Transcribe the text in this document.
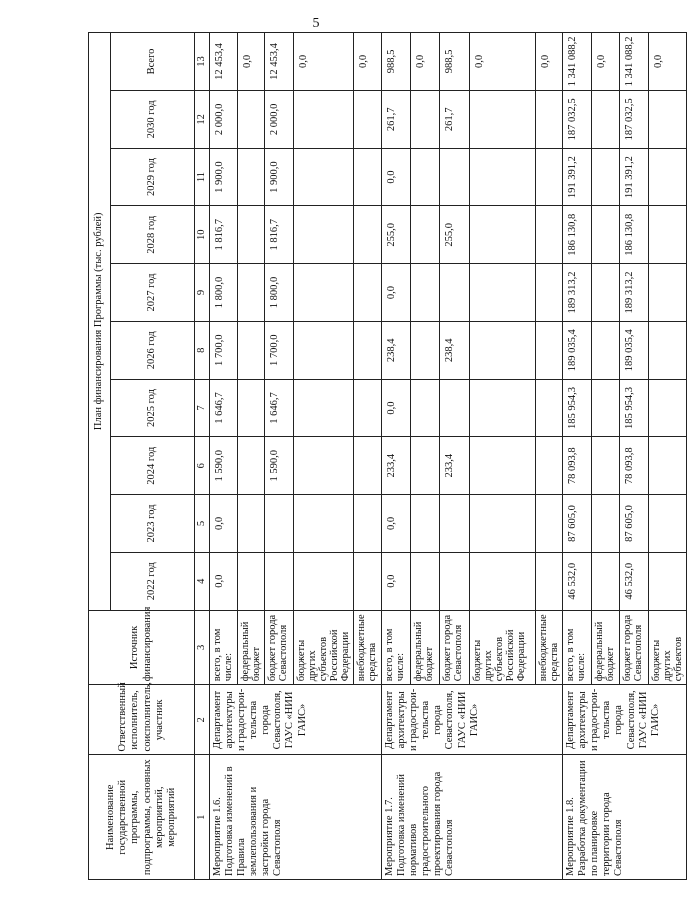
5
Наименование государственной программы, подпрограммы, основных мероприятий, мероприятий	Ответственный исполнитель, соисполнитель, участник	Источник финансирования	План финансирования Программы (тыс. рублей)									
			2022 год	2023 год	2024 год	2025 год	2026 год	2027 год	2028 год	2029 год	2030 год	Всего
1	2	3	4	5	6	7	8	9	10	11	12	13
Мероприятие 1.6. Подготовка изменений в Правила землепользования и застройки города Севастополя	Департамент архитектуры и градострои-тельства города Севастополя, ГАУС «НИИ ГАИС»	всего, в том числе:	0,0	0,0	1 590,0	1 646,7	1 700,0	1 800,0	1 816,7	1 900,0	2 000,0	12 453,4
		федеральный бюджет										0,0
		бюджет города Севастополя			1 590,0	1 646,7	1 700,0	1 800,0	1 816,7	1 900,0	2 000,0	12 453,4
		бюджеты других субъектов Российской Федерации										0,0
		внебюджетные средства										0,0
Мероприятие 1.7. Подготовка изменений нормативов градостроительного проектирования города Севастополя	Департамент архитектуры и градострои-тельства города Севастополя, ГАУС «НИИ ГАИС»	всего, в том числе:	0,0	0,0	233,4	0,0	238,4	0,0	255,0	0,0	261,7	988,5
		федеральный бюджет										0,0
		бюджет города Севастополя			233,4		238,4		255,0		261,7	988,5
		бюджеты других субъектов Российской Федерации										0,0
		внебюджетные средства										0,0
Мероприятие 1.8. Разработка документации по планировке территории города Севастополя	Департамент архитектуры и градострои-тельства города Севастополя, ГАУС «НИИ ГАИС»	всего, в том числе:	46 532,0	87 605,0	78 093,8	185 954,3	189 035,4	189 313,2	186 130,8	191 391,2	187 032,5	1 341 088,2
		федеральный бюджет										0,0
		бюджет города Севастополя	46 532,0	87 605,0	78 093,8	185 954,3	189 035,4	189 313,2	186 130,8	191 391,2	187 032,5	1 341 088,2
		бюджеты других субъектов										0,0
